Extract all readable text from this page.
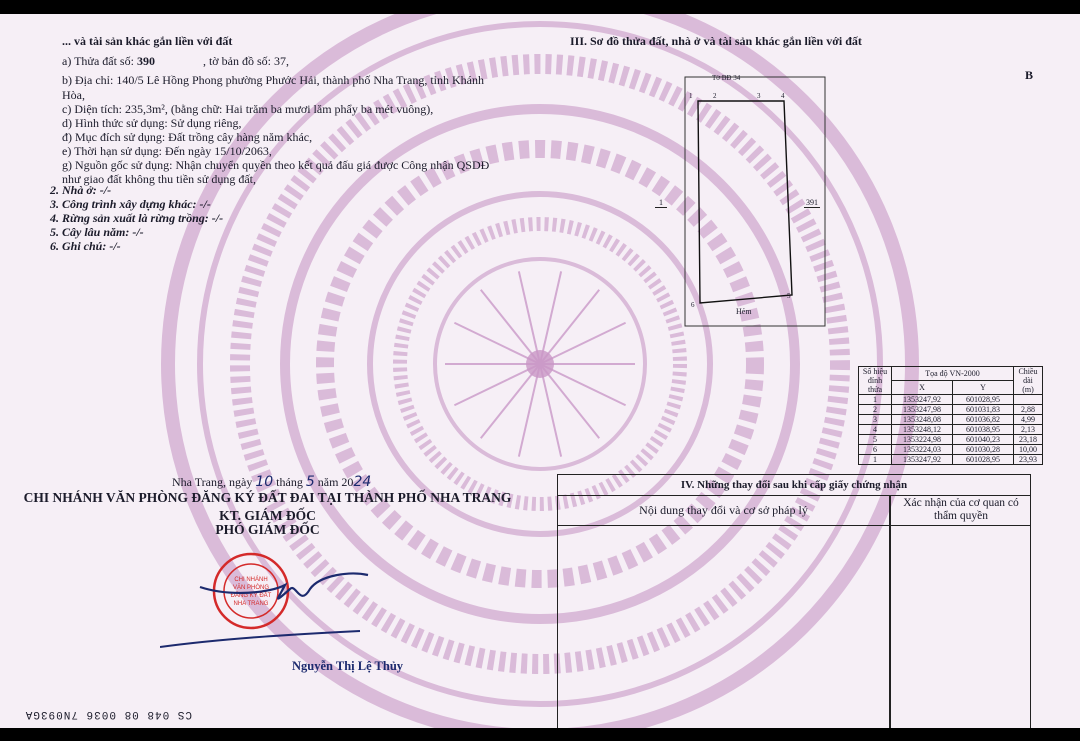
... và tài sản khác gắn liền với đất
a) Thửa đất số: 390	, tờ bản đồ số: 37,
b) Địa chỉ: 140/5 Lê Hồng Phong phường Phước Hải, thành phố Nha Trang, tỉnh Khánh
Hòa,
c) Diện tích: 235,3m², (bằng chữ: Hai trăm ba mươi lăm phẩy ba mét vuông),
d) Hình thức sử dụng: Sử dụng riêng,
đ) Mục đích sử dụng: Đất trồng cây hàng năm khác,
e) Thời hạn sử dụng: Đến ngày 15/10/2063,
g) Nguồn gốc sử dụng: Nhận chuyển quyền theo kết quả đấu giá được Công nhận QSDĐ
như giao đất không thu tiền sử dụng đất,
2. Nhà ở: -/-
3. Công trình xây dựng khác: -/-
4. Rừng sản xuất là rừng trồng: -/-
5. Cây lâu năm: -/-
6. Ghi chú: -/-
Nha Trang, ngày 10 tháng 5 năm 2024
CHI NHÁNH VĂN PHÒNG ĐĂNG KÝ ĐẤT ĐAI TẠI THÀNH PHỐ NHA TRANG
KT. GIÁM ĐỐC
PHÓ GIÁM ĐỐC
CHI NHÁNH
VĂN PHÒNG
ĐĂNG KÝ ĐẤT
NHA TRANG
Nguyễn Thị Lệ Thủy
CS 048 08 0036 7N093GA
III. Sơ đồ thửa đất, nhà ở và tài sản khác gắn liền với đất
B
Tờ BĐ 34
1	2	3	4
5
6
1	391
Hẻm
Số hiệu đỉnh thửa	Tọa độ VN-2000		Chiều dài (m)
	X	Y	
1	1353247,92	601028,95	
2	1353247,98	601031,83	2,88
3	1353248,08	601036,82	4,99
4	1353248,12	601038,95	2,13
5	1353224,98	601040,23	23,18
6	1353224,03	601030,28	10,00
1	1353247,92	601028,95	23,93
IV. Những thay đổi sau khi cấp giấy chứng nhận
Nội dung thay đổi và cơ sở pháp lý	Xác nhận của cơ quan có thẩm quyền
